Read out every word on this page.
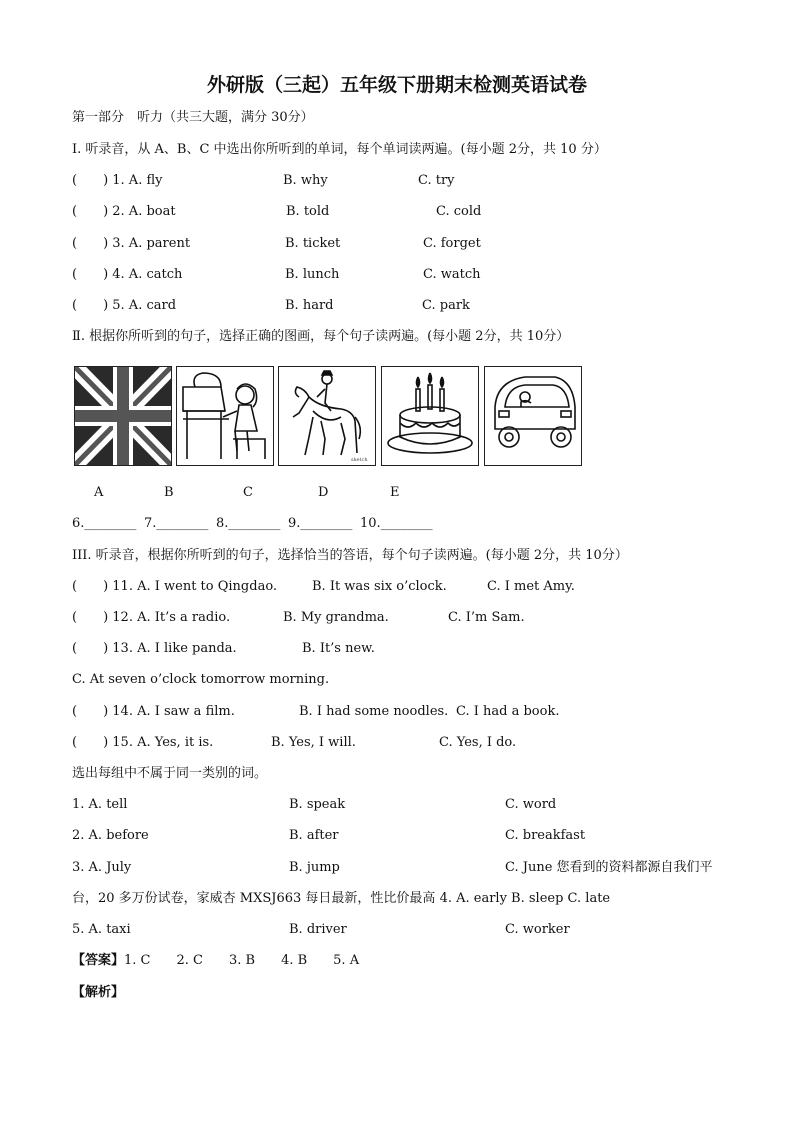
外研版（三起）五年级下册期末检测英语试卷
第一部分　听力（共三大题，满分 30分）
Ⅰ. 听录音，从 A、B、C 中选出你所听到的单词，每个单词读两遍。(每小题 2分，共 10 分）
(　　) 1. A. fly	B. why	C. try
(　　) 2. A. boat	B. told	C. cold
(　　) 3. A. parent	B. ticket	C. forget
(　　) 4. A. catch	B. lunch	C. watch
(　　) 5. A. card	B. hard	C. park
Ⅱ. 根据你所听到的句子，选择正确的图画，每个句子读两遍。(每小题 2分，共 10分）
sketch
A	B	C	D	E
6.________ 7.________ 8.________ 9.________ 10.________
III. 听录音，根据你所听到的句子，选择恰当的答语，每个句子读两遍。(每小题 2分，共 10分）
(　　) 11. A. I went to Qingdao.	B. It was six o’clock.	C. I met Amy.
(　　) 12. A. It’s a radio.	B. My grandma.	C. I’m Sam.
(　　) 13. A. I like panda.	B. It’s new.
C. At seven o’clock tomorrow morning.
(　　) 14. A. I saw a film.	B. I had some noodles. C. I had a book.
(　　) 15. A. Yes, it is.	B. Yes, I will.	C. Yes, I do.
选出每组中不属于同一类别的词。
1. A. tell	B. speak	C. word
2. A. before	B. after	C. breakfast
3. A. July	B. jump	C. June 您看到的资料都源自我们平
台，20 多万份试卷，家威杏 MXSJ663 每日最新，性比价最高 4. A. early B. sleep C. late
5. A. taxi	B. driver	C. worker
【答案】1. C　　2. C　　3. B　　4. B　　5. A
【解析】
